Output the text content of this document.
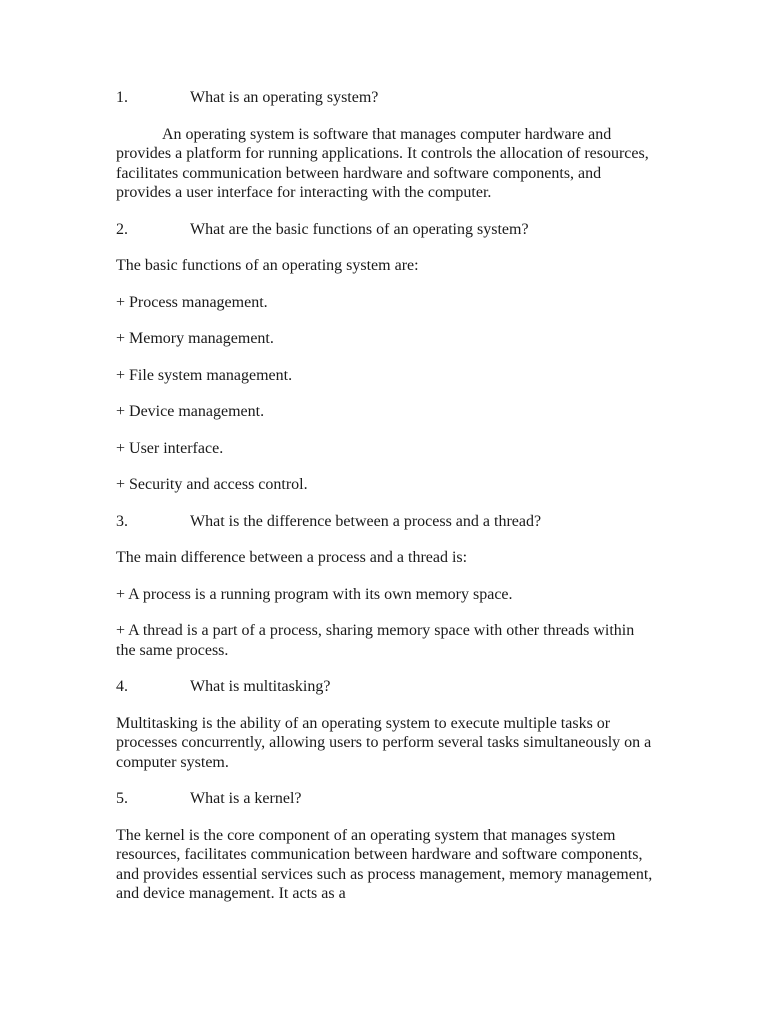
1.	What is an operating system?

An operating system is software that manages computer hardware and provides a platform for running applications. It controls the allocation of resources, facilitates communication between hardware and software components, and provides a user interface for interacting with the computer.

2.	What are the basic functions of an operating system?

The basic functions of an operating system are:

+ Process management.

+ Memory management.

+ File system management.

+ Device management.

+ User interface.

+ Security and access control.

3.	What is the difference between a process and a thread?

The main difference between a process and a thread is:

+ A process is a running program with its own memory space.

+ A thread is a part of a process, sharing memory space with other threads within the same process.

4.	What is multitasking?

Multitasking is the ability of an operating system to execute multiple tasks or processes concurrently, allowing users to perform several tasks simultaneously on a computer system.

5.	What is a kernel?

The kernel is the core component of an operating system that manages system resources, facilitates communication between hardware and software components, and provides essential services such as process management, memory management, and device management. It acts as a
